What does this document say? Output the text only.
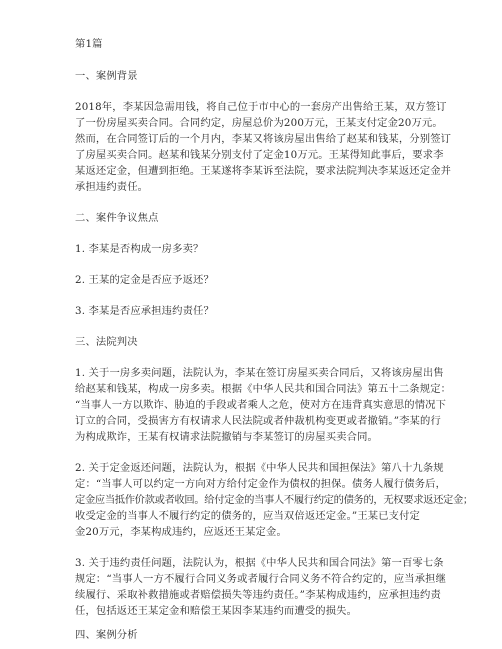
第1篇
一、案例背景
2018年，李某因急需用钱，将自己位于市中心的一套房产出售给王某，双方签订
了一份房屋买卖合同。合同约定，房屋总价为200万元，王某支付定金20万元。
然而，在合同签订后的一个月内，李某又将该房屋出售给了赵某和钱某，分别签订
了房屋买卖合同。赵某和钱某分别支付了定金10万元。王某得知此事后，要求李
某返还定金，但遭到拒绝。王某遂将李某诉至法院，要求法院判决李某返还定金并
承担违约责任。
二、案件争议焦点
1. 李某是否构成一房多卖？
2. 王某的定金是否应予返还？
3. 李某是否应承担违约责任？
三、法院判决
1. 关于一房多卖问题，法院认为，李某在签订房屋买卖合同后，又将该房屋出售
给赵某和钱某，构成一房多卖。根据《中华人民共和国合同法》第五十二条规定：
“当事人一方以欺诈、胁迫的手段或者乘人之危，使对方在违背真实意思的情况下
订立的合同，受损害方有权请求人民法院或者仲裁机构变更或者撤销。”李某的行
为构成欺诈，王某有权请求法院撤销与李某签订的房屋买卖合同。
2. 关于定金返还问题，法院认为，根据《中华人民共和国担保法》第八十九条规
定：“当事人可以约定一方向对方给付定金作为债权的担保。债务人履行债务后，
定金应当抵作价款或者收回。给付定金的当事人不履行约定的债务的，无权要求返还定金；
收受定金的当事人不履行约定的债务的，应当双倍返还定金。”王某已支付定
金20万元，李某构成违约，应返还王某定金。
3. 关于违约责任问题，法院认为，根据《中华人民共和国合同法》第一百零七条
规定：“当事人一方不履行合同义务或者履行合同义务不符合约定的，应当承担继
续履行、采取补救措施或者赔偿损失等违约责任。”李某构成违约，应承担违约责
任，包括返还王某定金和赔偿王某因李某违约而遭受的损失。
四、案例分析
